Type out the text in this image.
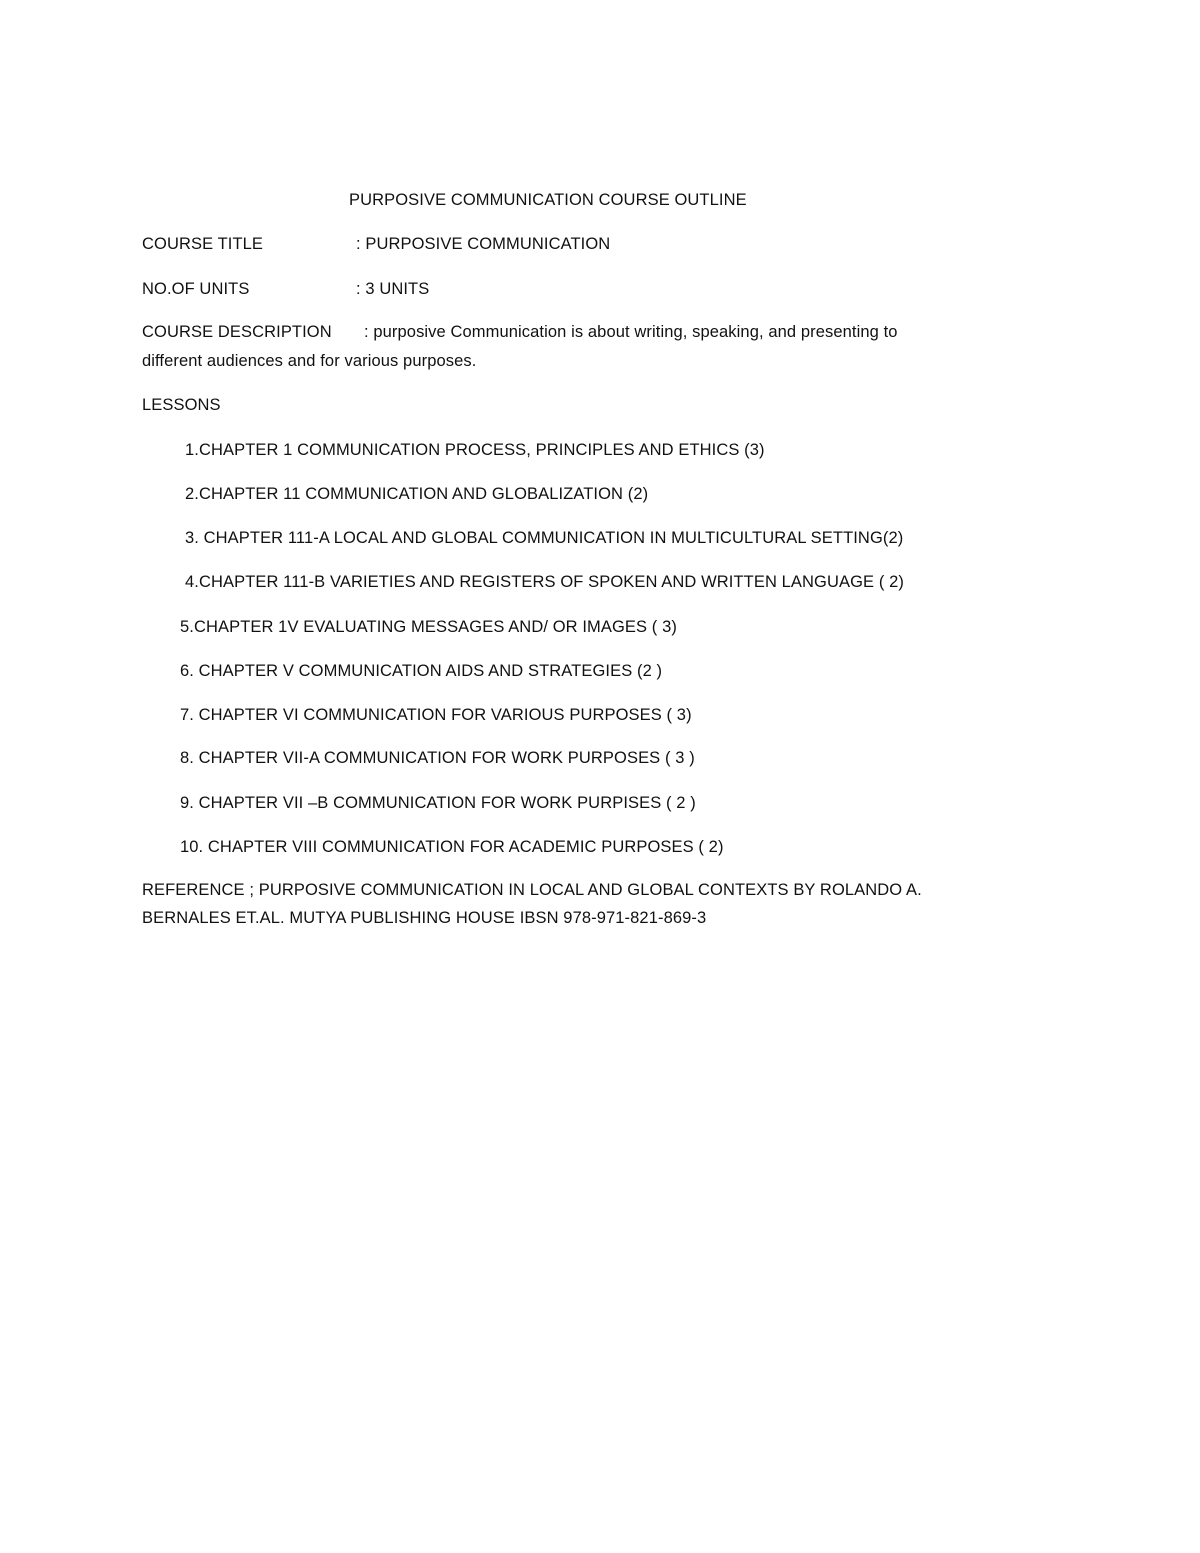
PURPOSIVE COMMUNICATION COURSE OUTLINE
COURSE TITLE	: PURPOSIVE COMMUNICATION
NO.OF UNITS	: 3 UNITS
COURSE DESCRIPTION : purposive Communication is about writing, speaking, and presenting to
different audiences and for various purposes.
LESSONS
1.CHAPTER 1 COMMUNICATION PROCESS, PRINCIPLES AND ETHICS (3)
2.CHAPTER 11 COMMUNICATION AND GLOBALIZATION (2)
3. CHAPTER 111-A LOCAL AND GLOBAL COMMUNICATION IN MULTICULTURAL SETTING(2)
4.CHAPTER 111-B VARIETIES AND REGISTERS OF SPOKEN AND WRITTEN LANGUAGE ( 2)
5.CHAPTER 1V EVALUATING MESSAGES AND/ OR IMAGES ( 3)
6. CHAPTER V COMMUNICATION AIDS AND STRATEGIES (2 )
7. CHAPTER VI COMMUNICATION FOR VARIOUS PURPOSES ( 3)
8. CHAPTER VII-A COMMUNICATION FOR WORK PURPOSES ( 3 )
9. CHAPTER VII –B COMMUNICATION FOR WORK PURPISES ( 2 )
10. CHAPTER VIII COMMUNICATION FOR ACADEMIC PURPOSES ( 2)
REFERENCE ; PURPOSIVE COMMUNICATION IN LOCAL AND GLOBAL CONTEXTS BY ROLANDO A.
BERNALES ET.AL. MUTYA PUBLISHING HOUSE IBSN 978-971-821-869-3
